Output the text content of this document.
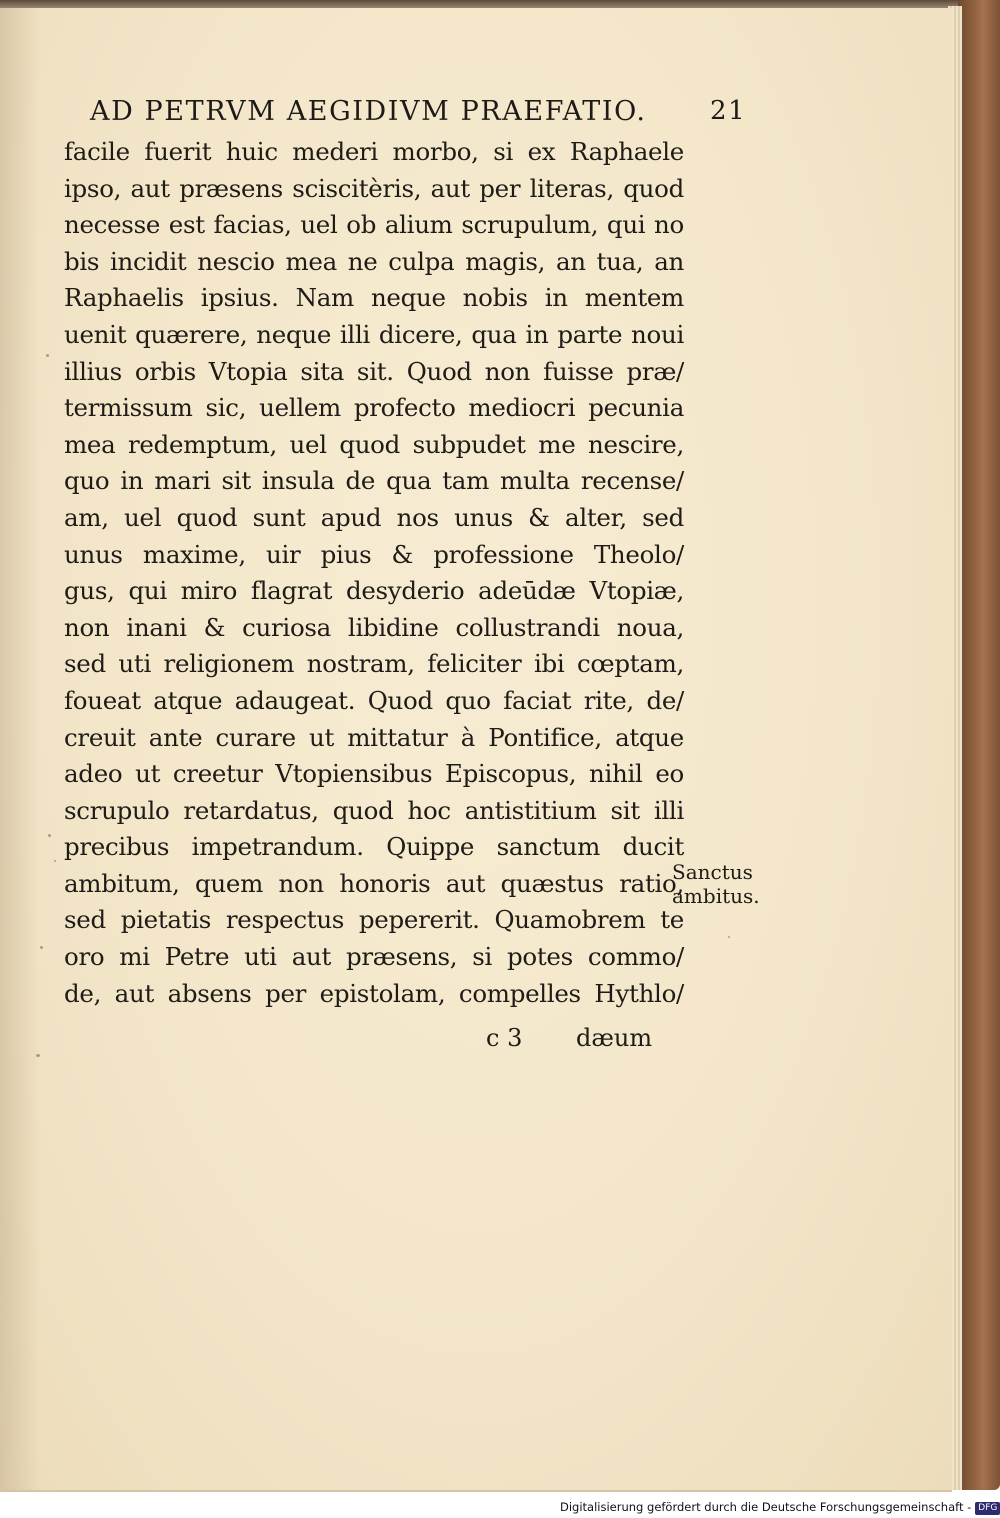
AD PETRVM AEGIDIVM PRAEFATIO. 21
facile fuerit huic mederi morbo, si ex Raphaele
ipso, aut præsens sciscitèris, aut per literas, quod
necesse est facias, uel ob alium scrupulum, qui no
bis incidit nescio mea ne culpa magis, an tua, an
Raphaelis ipsius. Nam neque nobis in mentem
uenit quærere, neque illi dicere, qua in parte noui
illius orbis Vtopia sita sit. Quod non fuisse præ/
termissum sic, uellem profecto mediocri pecunia
mea redemptum, uel quod subpudet me nescire,
quo in mari sit insula de qua tam multa recense/
am, uel quod sunt apud nos unus & alter, sed
unus maxime, uir pius & professione Theolo/
gus, qui miro flagrat desyderio adeūdæ Vtopiæ,
non inani & curiosa libidine collustrandi noua,
sed uti religionem nostram, feliciter ibi cœptam,
foueat atque adaugeat. Quod quo faciat rite, de/
creuit ante curare ut mittatur à Pontifice, atque
adeo ut creetur Vtopiensibus Episcopus, nihil eo
scrupulo retardatus, quod hoc antistitium sit illi
precibus impetrandum. Quippe sanctum ducit
ambitum, quem non honoris aut quæstus ratio,
sed pietatis respectus pepererit. Quamobrem te
oro mi Petre uti aut præsens, si potes commo/
de, aut absens per epistolam, compelles Hythlo/
c 3 dæum
Sanctus
ambitus.
Digitalisierung gefördert durch die Deutsche Forschungsgemeinschaft - DFG
